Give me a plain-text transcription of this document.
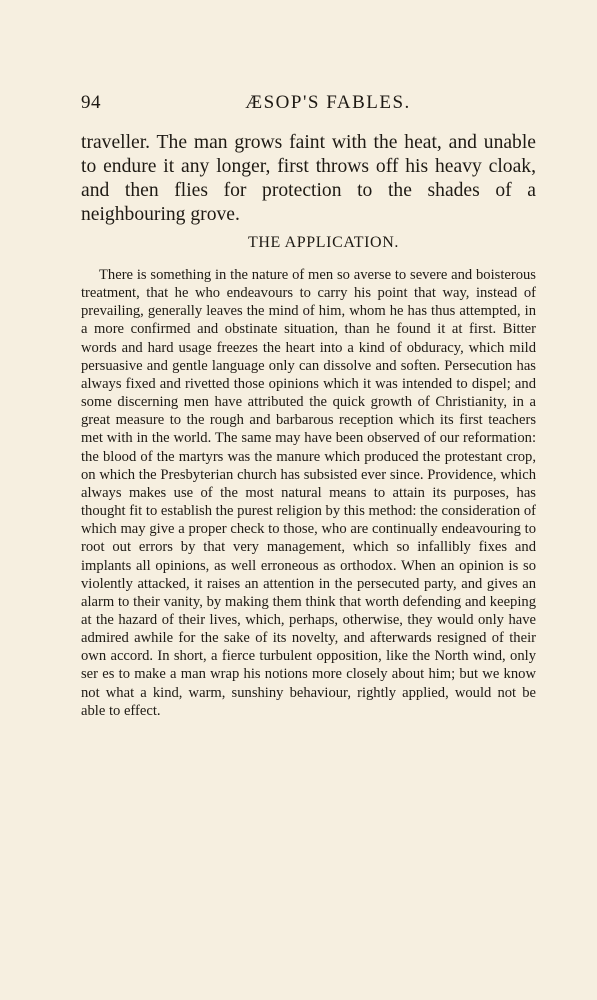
94	ÆSOP'S FABLES.

traveller. The man grows faint with the heat, and unable to endure it any longer, first throws off his heavy cloak, and then flies for protection to the shades of a neighbouring grove.

THE APPLICATION.

There is something in the nature of men so averse to severe and boisterous treatment, that he who endeavours to carry his point that way, instead of prevailing, generally leaves the mind of him, whom he has thus attempted, in a more confirmed and obstinate situation, than he found it at first. Bitter words and hard usage freezes the heart into a kind of obduracy, which mild persuasive and gentle language only can dissolve and soften. Persecution has always fixed and rivetted those opinions which it was intended to dispel; and some discerning men have attributed the quick growth of Christianity, in a great measure to the rough and barbarous reception which its first teachers met with in the world. The same may have been observed of our reformation: the blood of the martyrs was the manure which produced the protestant crop, on which the Presbyterian church has subsisted ever since. Providence, which always makes use of the most natural means to attain its purposes, has thought fit to establish the purest religion by this method: the consideration of which may give a proper check to those, who are continually endeavouring to root out errors by that very management, which so infallibly fixes and implants all opinions, as well erroneous as orthodox. When an opinion is so violently attacked, it raises an attention in the persecuted party, and gives an alarm to their vanity, by making them think that worth defending and keeping at the hazard of their lives, which, perhaps, otherwise, they would only have admired awhile for the sake of its novelty, and afterwards resigned of their own accord. In short, a fierce turbulent opposition, like the North wind, only ser es to make a man wrap his notions more closely about him; but we know not what a kind, warm, sunshiny behaviour, rightly applied, would not be able to effect.
